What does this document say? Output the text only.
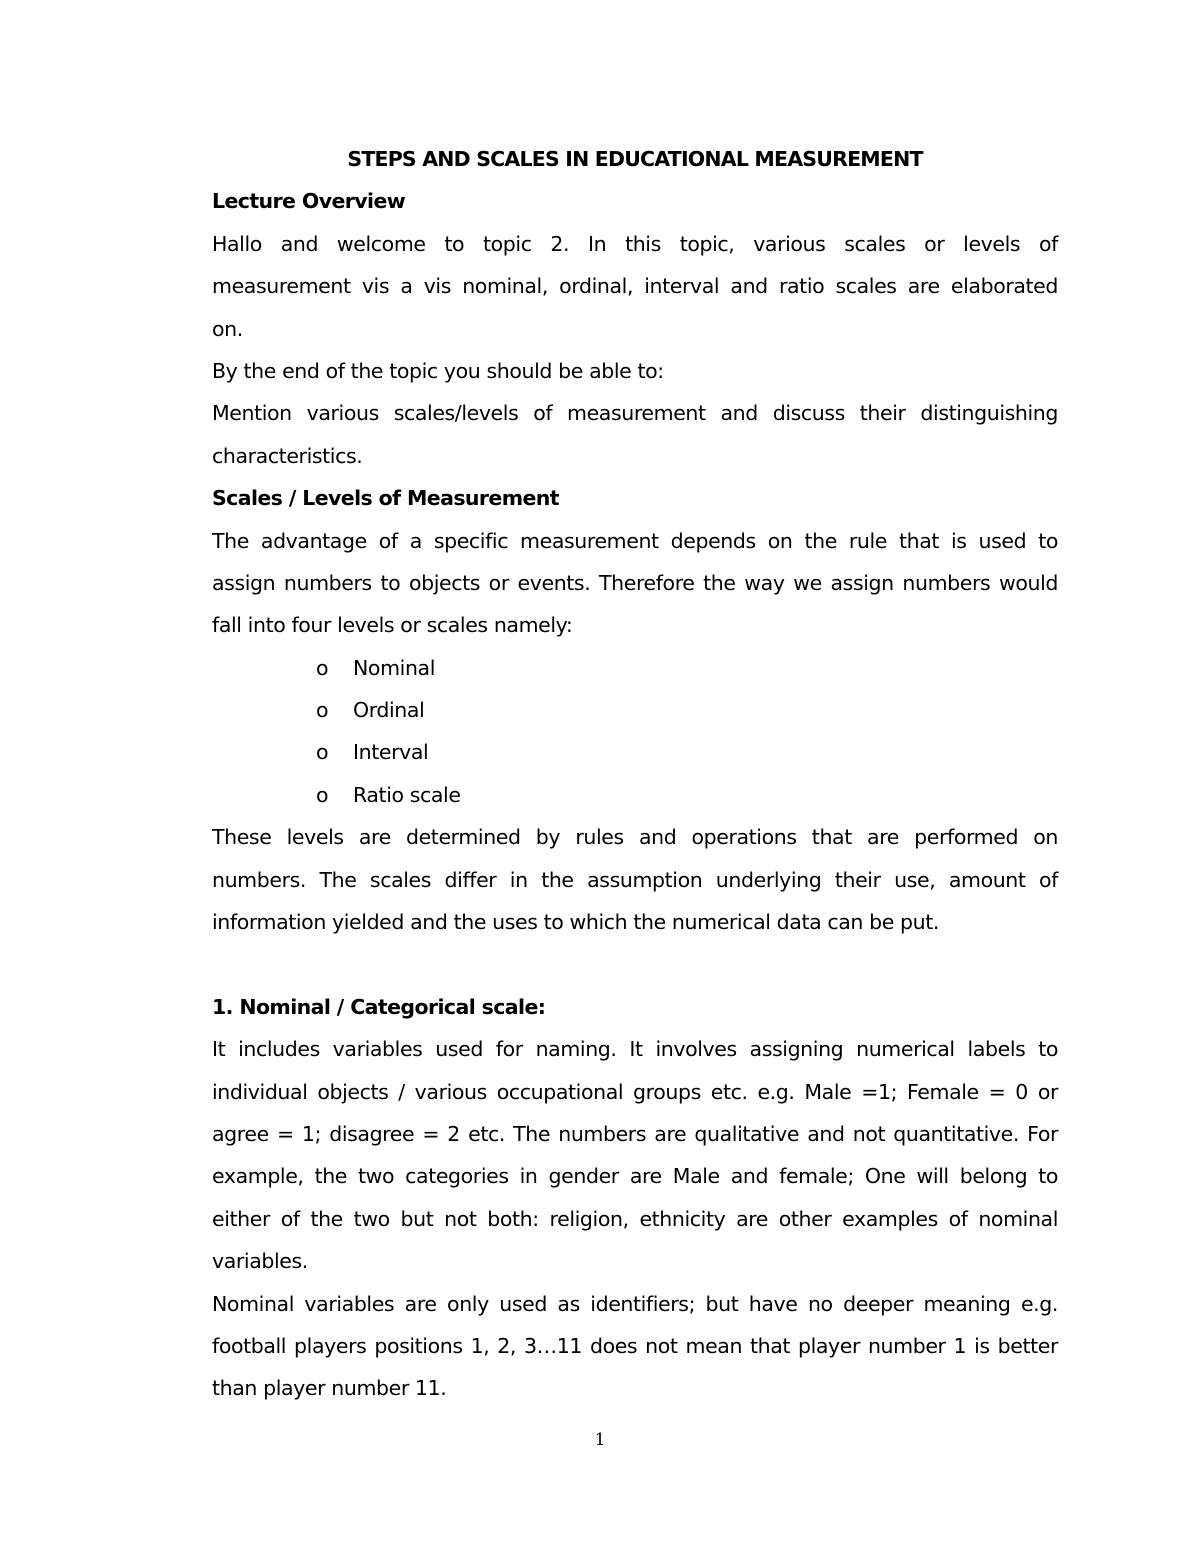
STEPS AND SCALES IN EDUCATIONAL MEASUREMENT
Lecture Overview
Hallo and welcome to topic 2. In this topic, various scales or levels of
measurement vis a vis nominal, ordinal, interval and ratio scales are elaborated
on.
By the end of the topic you should be able to:
Mention various scales/levels of measurement and discuss their distinguishing
characteristics.
Scales / Levels of Measurement
The advantage of a specific measurement depends on the rule that is used to
assign numbers to objects or events. Therefore the way we assign numbers would
fall into four levels or scales namely:
o Nominal
o Ordinal
o Interval
o Ratio scale
These levels are determined by rules and operations that are performed on
numbers. The scales differ in the assumption underlying their use, amount of
information yielded and the uses to which the numerical data can be put.
1. Nominal / Categorical scale:
It includes variables used for naming. It involves assigning numerical labels to
individual objects / various occupational groups etc. e.g. Male =1; Female = 0 or
agree = 1; disagree = 2 etc. The numbers are qualitative and not quantitative. For
example, the two categories in gender are Male and female; One will belong to
either of the two but not both: religion, ethnicity are other examples of nominal
variables.
Nominal variables are only used as identifiers; but have no deeper meaning e.g.
football players positions 1, 2, 3…11 does not mean that player number 1 is better
than player number 11.
1
